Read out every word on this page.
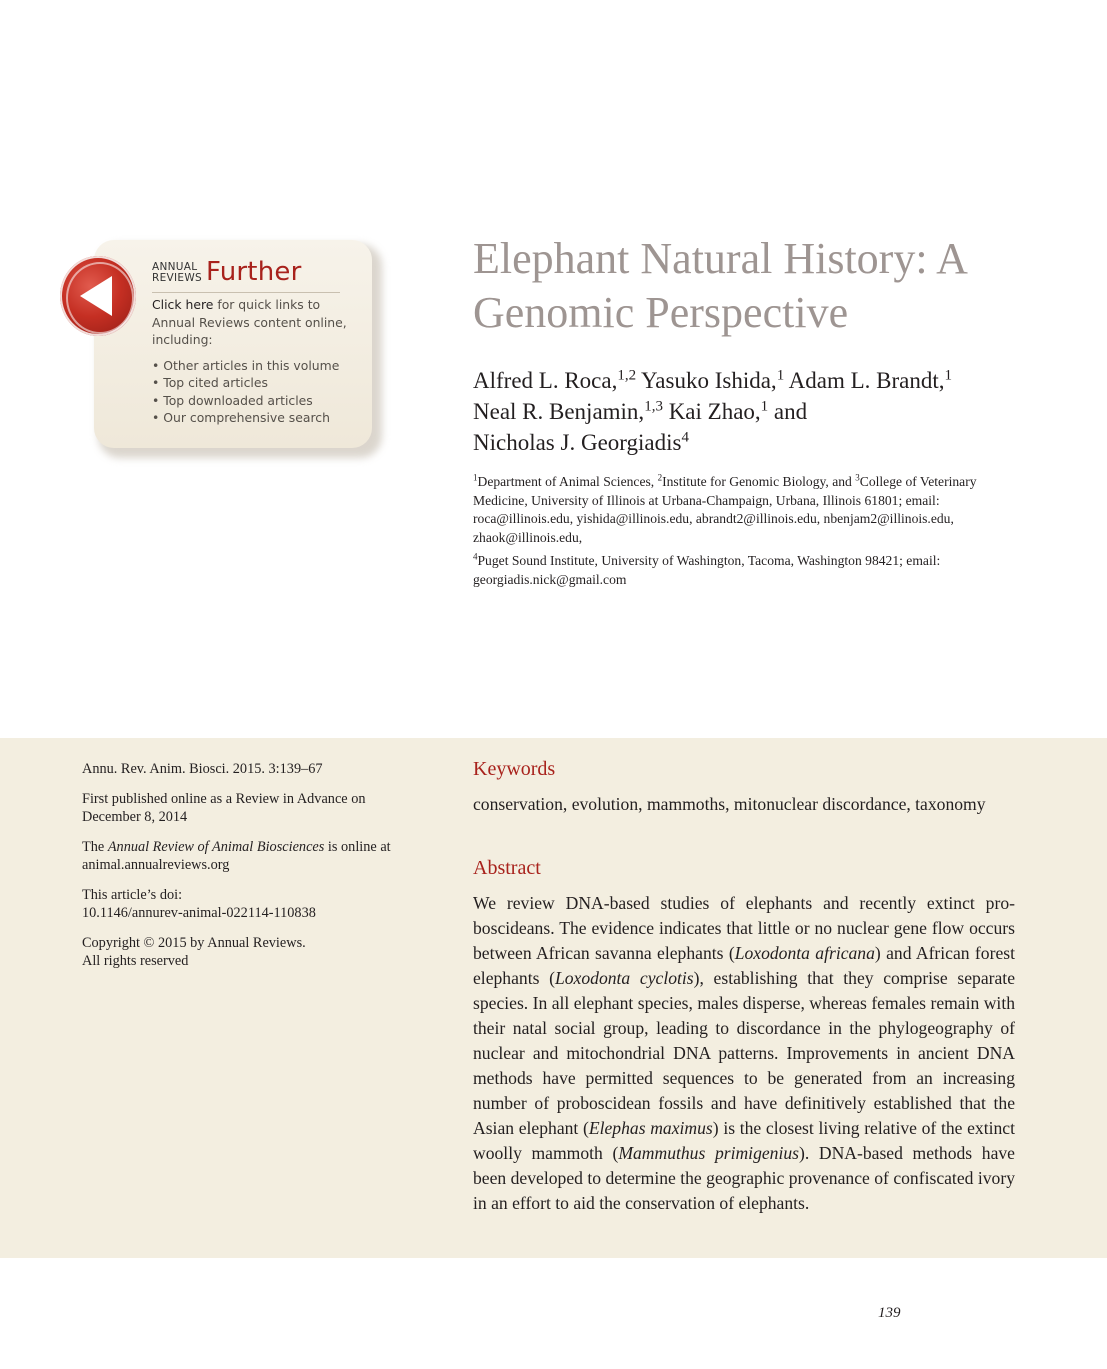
ANNUAL
REVIEWS Further
Click here for quick links to Annual Reviews content online, including:
• Other articles in this volume
• Top cited articles
• Top downloaded articles
• Our comprehensive search
Elephant Natural History: A Genomic Perspective
Alfred L. Roca,$^{1,2}$ Yasuko Ishida,$^1$ Adam L. Brandt,$^1$
Neal R. Benjamin,$^{1,3}$ Kai Zhao,$^1$ and
Nicholas J. Georgiadis$^4$

$^1$Department of Animal Sciences, $^2$Institute for Genomic Biology, and $^3$College of Veterinary Medicine, University of Illinois at Urbana-Champaign, Urbana, Illinois 61801; email: roca@illinois.edu, yishida@illinois.edu, abrandt2@illinois.edu, nbenjam2@illinois.edu, zhaok@illinois.edu,

$^4$Puget Sound Institute, University of Washington, Tacoma, Washington 98421; email: georgiadis.nick@gmail.com

Annu. Rev. Anim. Biosci. 2015. 3:139–67

First published online as a Review in Advance on December 8, 2014

The Annual Review of Animal Biosciences is online at animal.annualreviews.org

This article’s doi:
10.1146/annurev-animal-022114-110838

Copyright © 2015 by Annual Reviews.
All rights reserved

Keywords
conservation, evolution, mammoths, mitonuclear discordance, taxonomy
Abstract

We review DNA-based studies of elephants and recently extinct proboscideans. The evidence indicates that little or no nuclear gene flow occurs between African savanna elephants (Loxodonta africana) and African forest elephants (Loxodonta cyclotis), establishing that they comprise separate species. In all elephant species, males disperse, whereas females remain with their natal social group, leading to discordance in the phylogeography of nuclear and mitochondrial DNA patterns. Improvements in ancient DNA methods have permitted sequences to be generated from an increasing number of proboscidean fossils and have definitively established that the Asian elephant (Elephas maximus) is the closest living relative of the extinct woolly mammoth (Mammuthus primigenius). DNA-based methods have been developed to determine the geographic provenance of confiscated ivory in an effort to aid the conservation of elephants.

139
